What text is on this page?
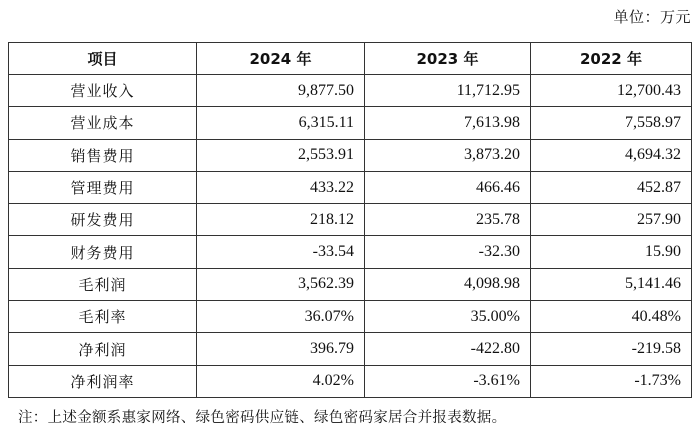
单位：万元
项目	2024 年	2023 年	2022 年
营业收入	9,877.50	11,712.95	12,700.43
营业成本	6,315.11	7,613.98	7,558.97
销售费用	2,553.91	3,873.20	4,694.32
管理费用	433.22	466.46	452.87
研发费用	218.12	235.78	257.90
财务费用	-33.54	-32.30	15.90
毛利润	3,562.39	4,098.98	5,141.46
毛利率	36.07%	35.00%	40.48%
净利润	396.79	-422.80	-219.58
净利润率	4.02%	-3.61%	-1.73%
注：上述金额系惠家网络、绿色密码供应链、绿色密码家居合并报表数据。
